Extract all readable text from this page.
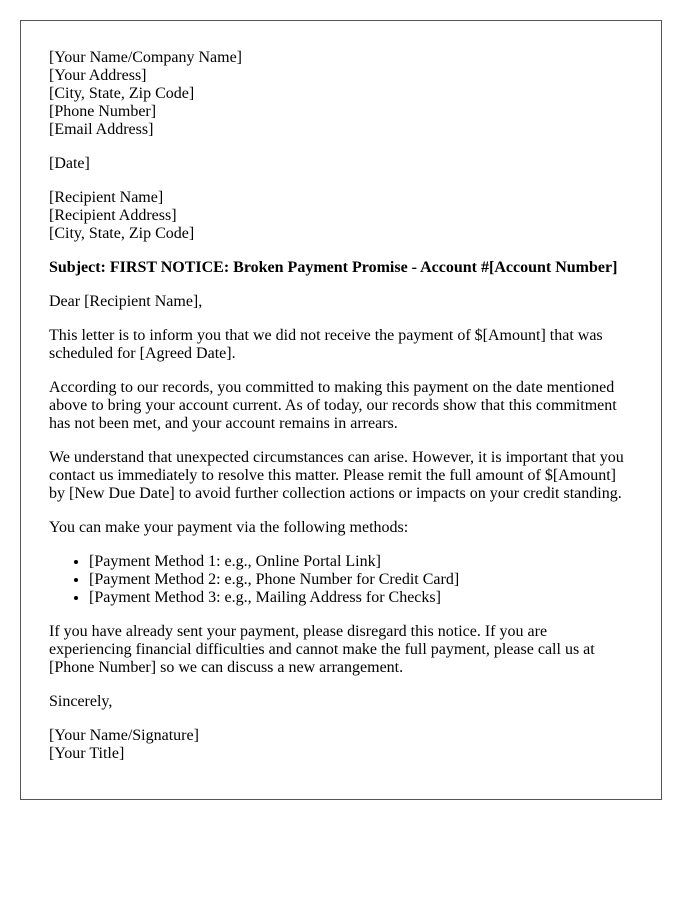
[Your Name/Company Name]
[Your Address]
[City, State, Zip Code]
[Phone Number]
[Email Address]
[Date]
[Recipient Name]
[Recipient Address]
[City, State, Zip Code]
Subject: FIRST NOTICE: Broken Payment Promise - Account #[Account Number]

Dear [Recipient Name],

This letter is to inform you that we did not receive the payment of $[Amount] that was scheduled for [Agreed Date].

According to our records, you committed to making this payment on the date mentioned above to bring your account current. As of today, our records show that this commitment has not been met, and your account remains in arrears.

We understand that unexpected circumstances can arise. However, it is important that you contact us immediately to resolve this matter. Please remit the full amount of $[Amount] by [New Due Date] to avoid further collection actions or impacts on your credit standing.

You can make your payment via the following methods:

• [Payment Method 1: e.g., Online Portal Link]
• [Payment Method 2: e.g., Phone Number for Credit Card]
• [Payment Method 3: e.g., Mailing Address for Checks]

If you have already sent your payment, please disregard this notice. If you are experiencing financial difficulties and cannot make the full payment, please call us at [Phone Number] so we can discuss a new arrangement.

Sincerely,

[Your Name/Signature]
[Your Title]
